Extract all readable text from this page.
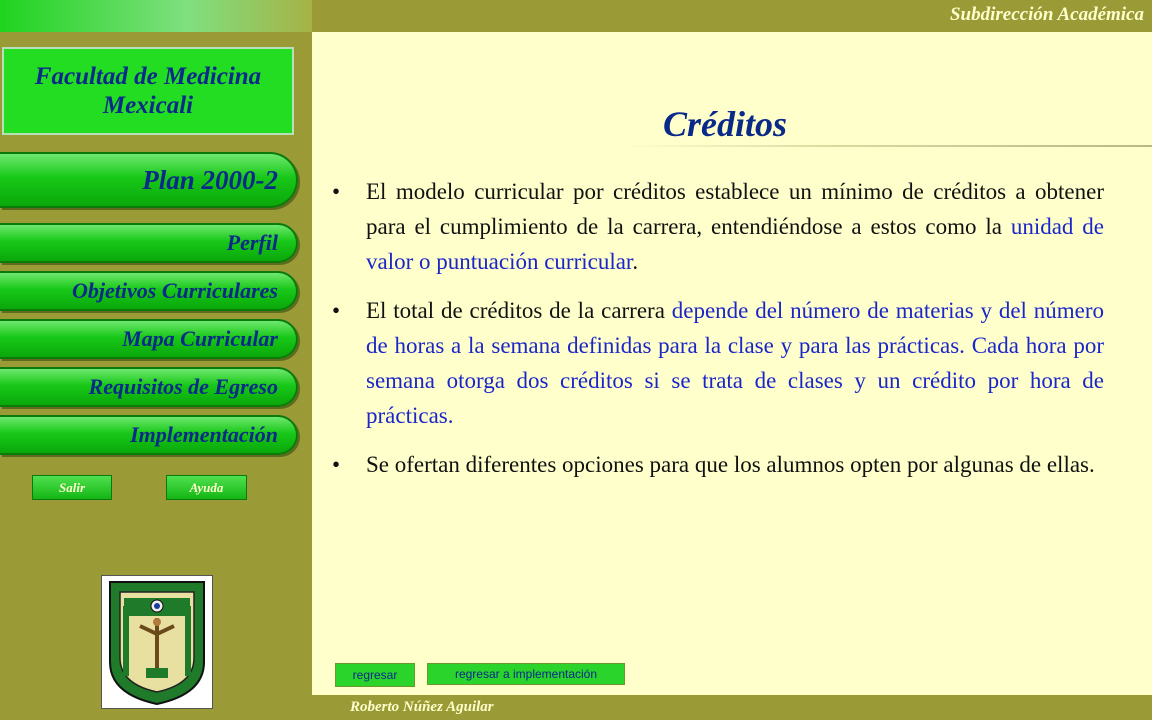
Subdirección Académica
Créditos
• El modelo curricular por créditos establece un mínimo de créditos a obtener para el cumplimiento de la carrera, entendiéndose a estos como la unidad de valor o puntuación curricular.
• El total de créditos de la carrera depende del número de materias y del número de horas a la semana definidas para la clase y para las prácticas. Cada hora por semana otorga dos créditos si se trata de clases y un crédito por hora de prácticas.
• Se ofertan diferentes opciones para que los alumnos opten por algunas de ellas.
regresar	regresar a implementación
Facultad de Medicina
Mexicali
Plan 2000-2
Perfil
Objetivos Curriculares
Mapa Curricular
Requisitos de Egreso
Implementación
Salir	Ayuda
Roberto Núñez Aguilar
